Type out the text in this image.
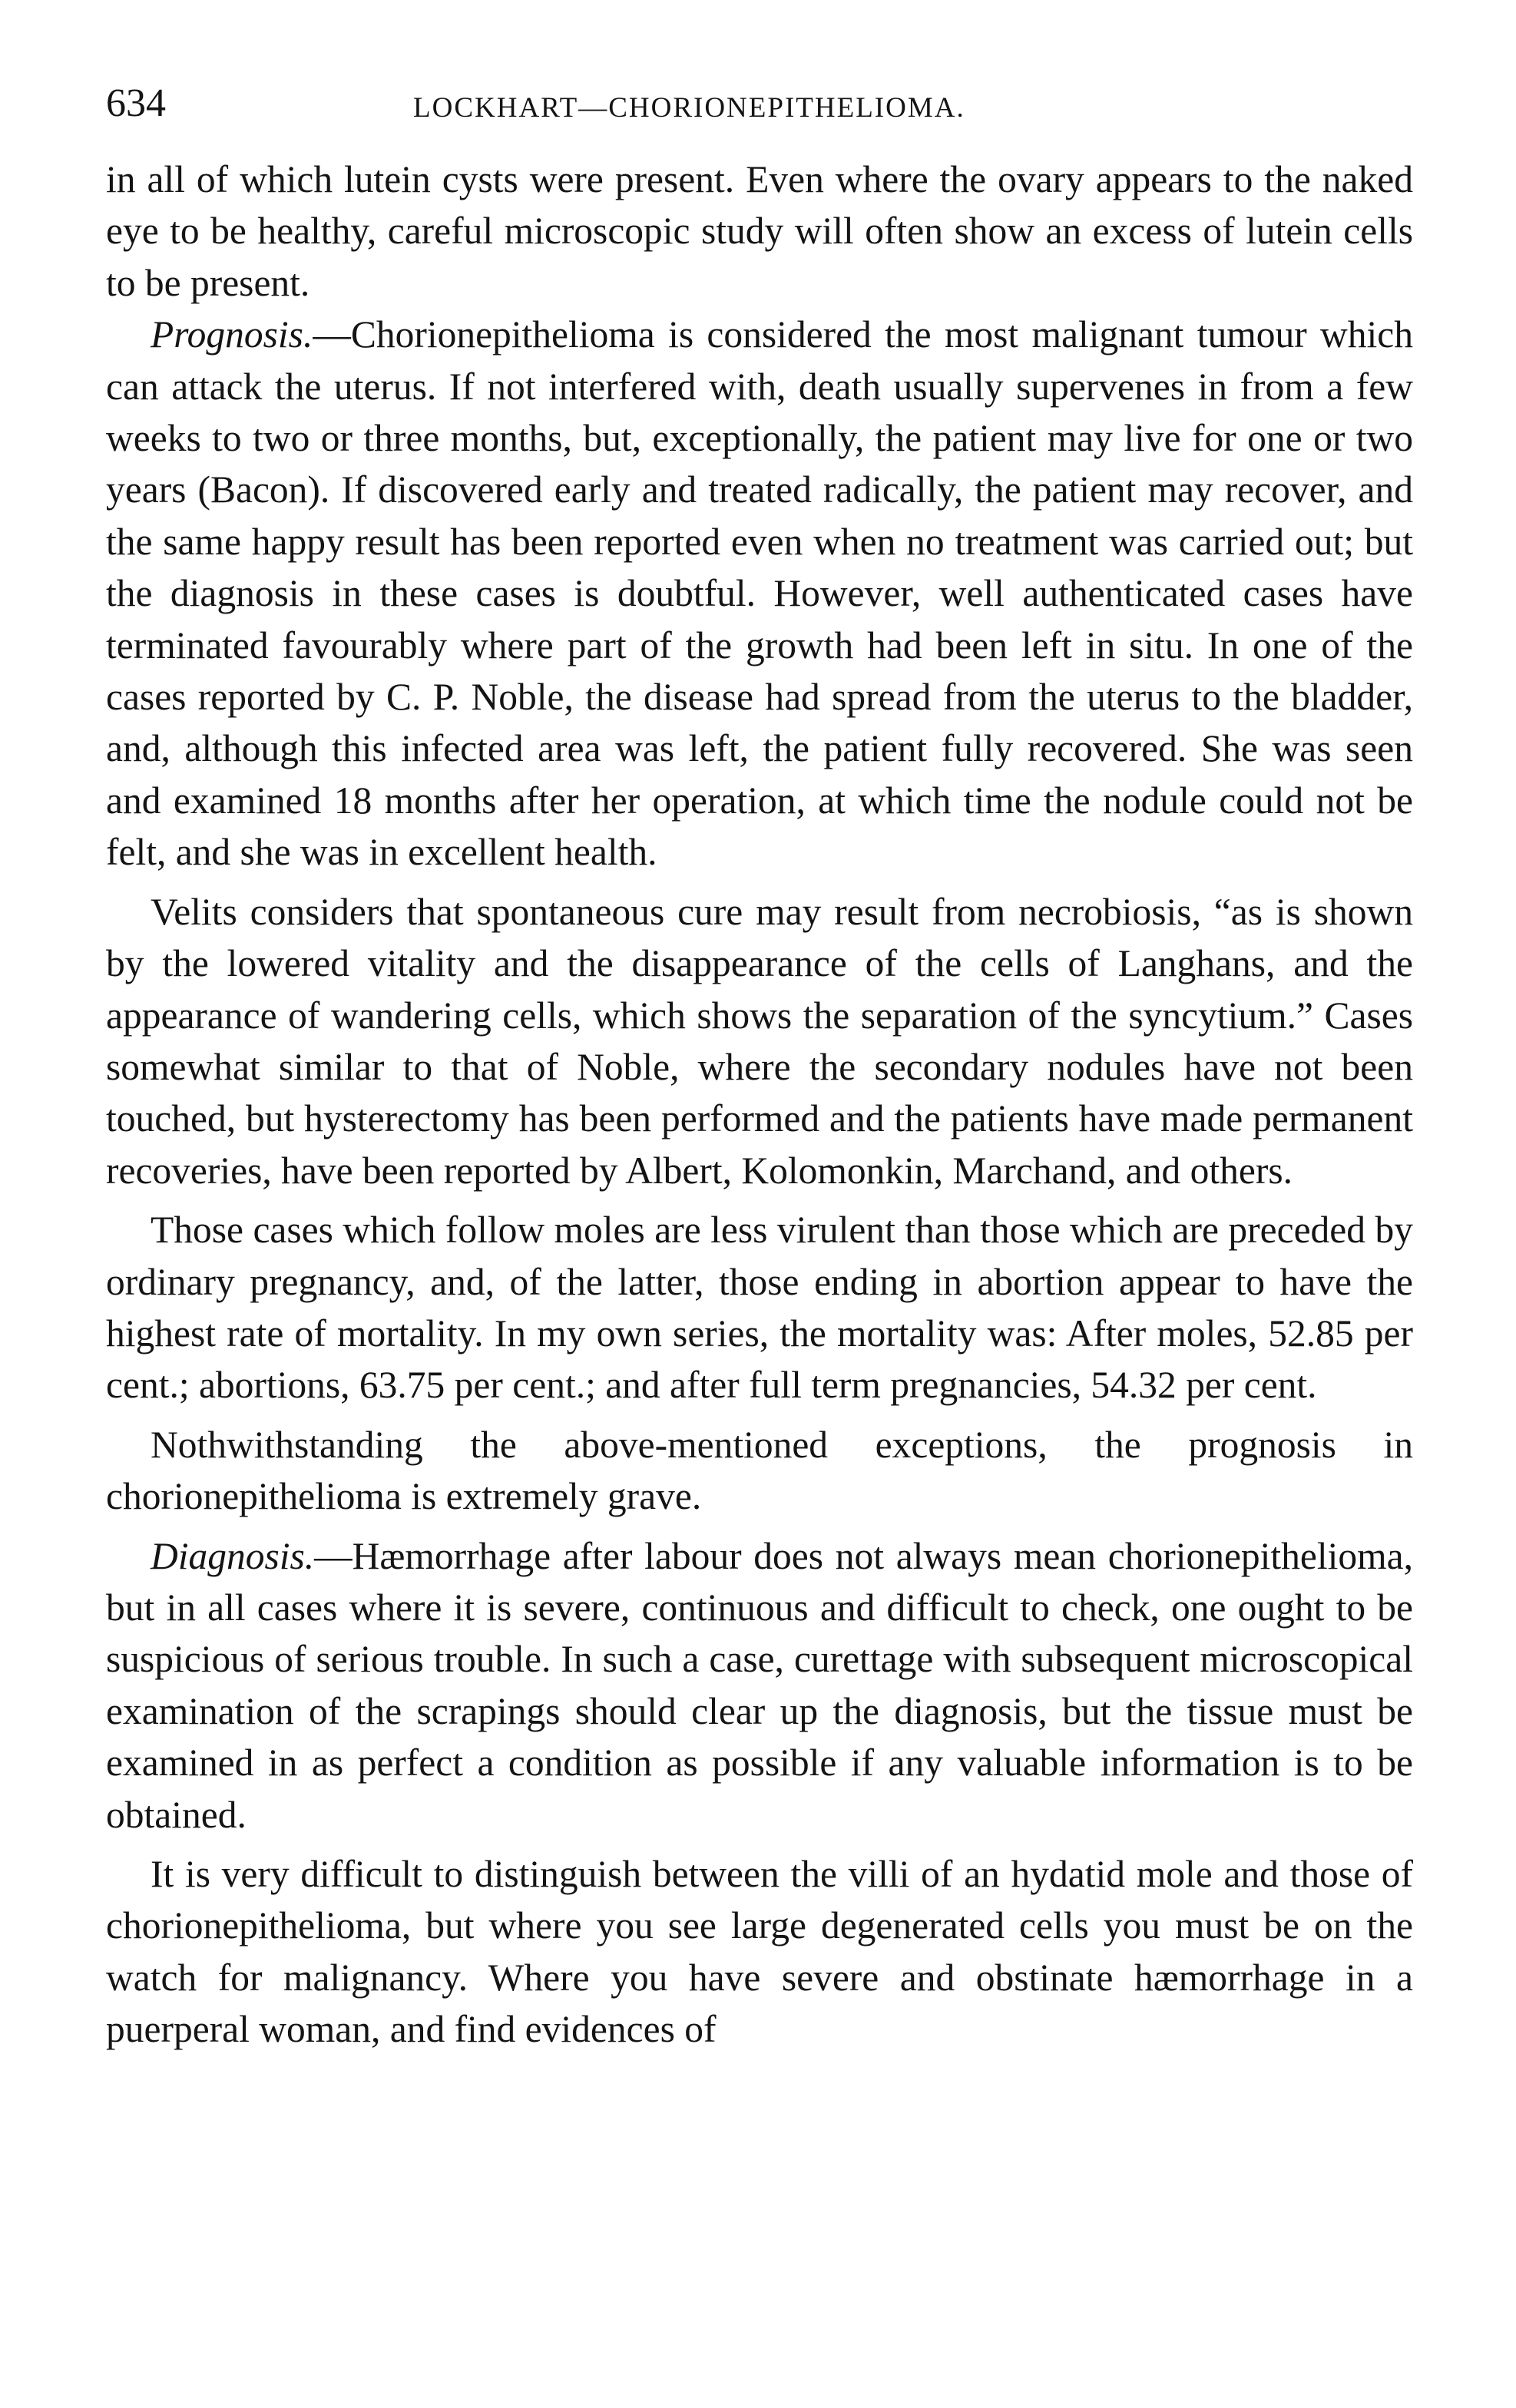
634	LOCKHART—CHORIONEPITHELIOMA.

in all of which lutein cysts were present. Even where the ovary appears to the naked eye to be healthy, careful microscopic study will often show an excess of lutein cells to be present.

Prognosis.—Chorionepithelioma is considered the most malignant tumour which can attack the uterus. If not interfered with, death usually supervenes in from a few weeks to two or three months, but, exceptionally, the patient may live for one or two years (Bacon). If discovered early and treated radically, the patient may recover, and the same happy result has been reported even when no treatment was carried out; but the diagnosis in these cases is doubtful. However, well authenticated cases have terminated favourably where part of the growth had been left in situ. In one of the cases reported by C. P. Noble, the disease had spread from the uterus to the bladder, and, although this infected area was left, the patient fully recovered. She was seen and examined 18 months after her operation, at which time the nodule could not be felt, and she was in excellent health.

Velits considers that spontaneous cure may result from necrobiosis, “as is shown by the lowered vitality and the disappearance of the cells of Langhans, and the appearance of wandering cells, which shows the separation of the syncytium.” Cases somewhat similar to that of Noble, where the secondary nodules have not been touched, but hysterectomy has been performed and the patients have made permanent recoveries, have been reported by Albert, Kolomonkin, Marchand, and others.

Those cases which follow moles are less virulent than those which are preceded by ordinary pregnancy, and, of the latter, those ending in abortion appear to have the highest rate of mortality. In my own series, the mortality was: After moles, 52.85 per cent.; abortions, 63.75 per cent.; and after full term pregnancies, 54.32 per cent.

Nothwithstanding the above-mentioned exceptions, the prognosis in chorionepithelioma is extremely grave.

Diagnosis.—Hæmorrhage after labour does not always mean chorionepithelioma, but in all cases where it is severe, continuous and difficult to check, one ought to be suspicious of serious trouble. In such a case, curettage with subsequent microscopical examination of the scrapings should clear up the diagnosis, but the tissue must be examined in as perfect a condition as possible if any valuable information is to be obtained.

It is very difficult to distinguish between the villi of an hydatid mole and those of chorionepithelioma, but where you see large degenerated cells you must be on the watch for malignancy. Where you have severe and obstinate hæmorrhage in a puerperal woman, and find evidences of
